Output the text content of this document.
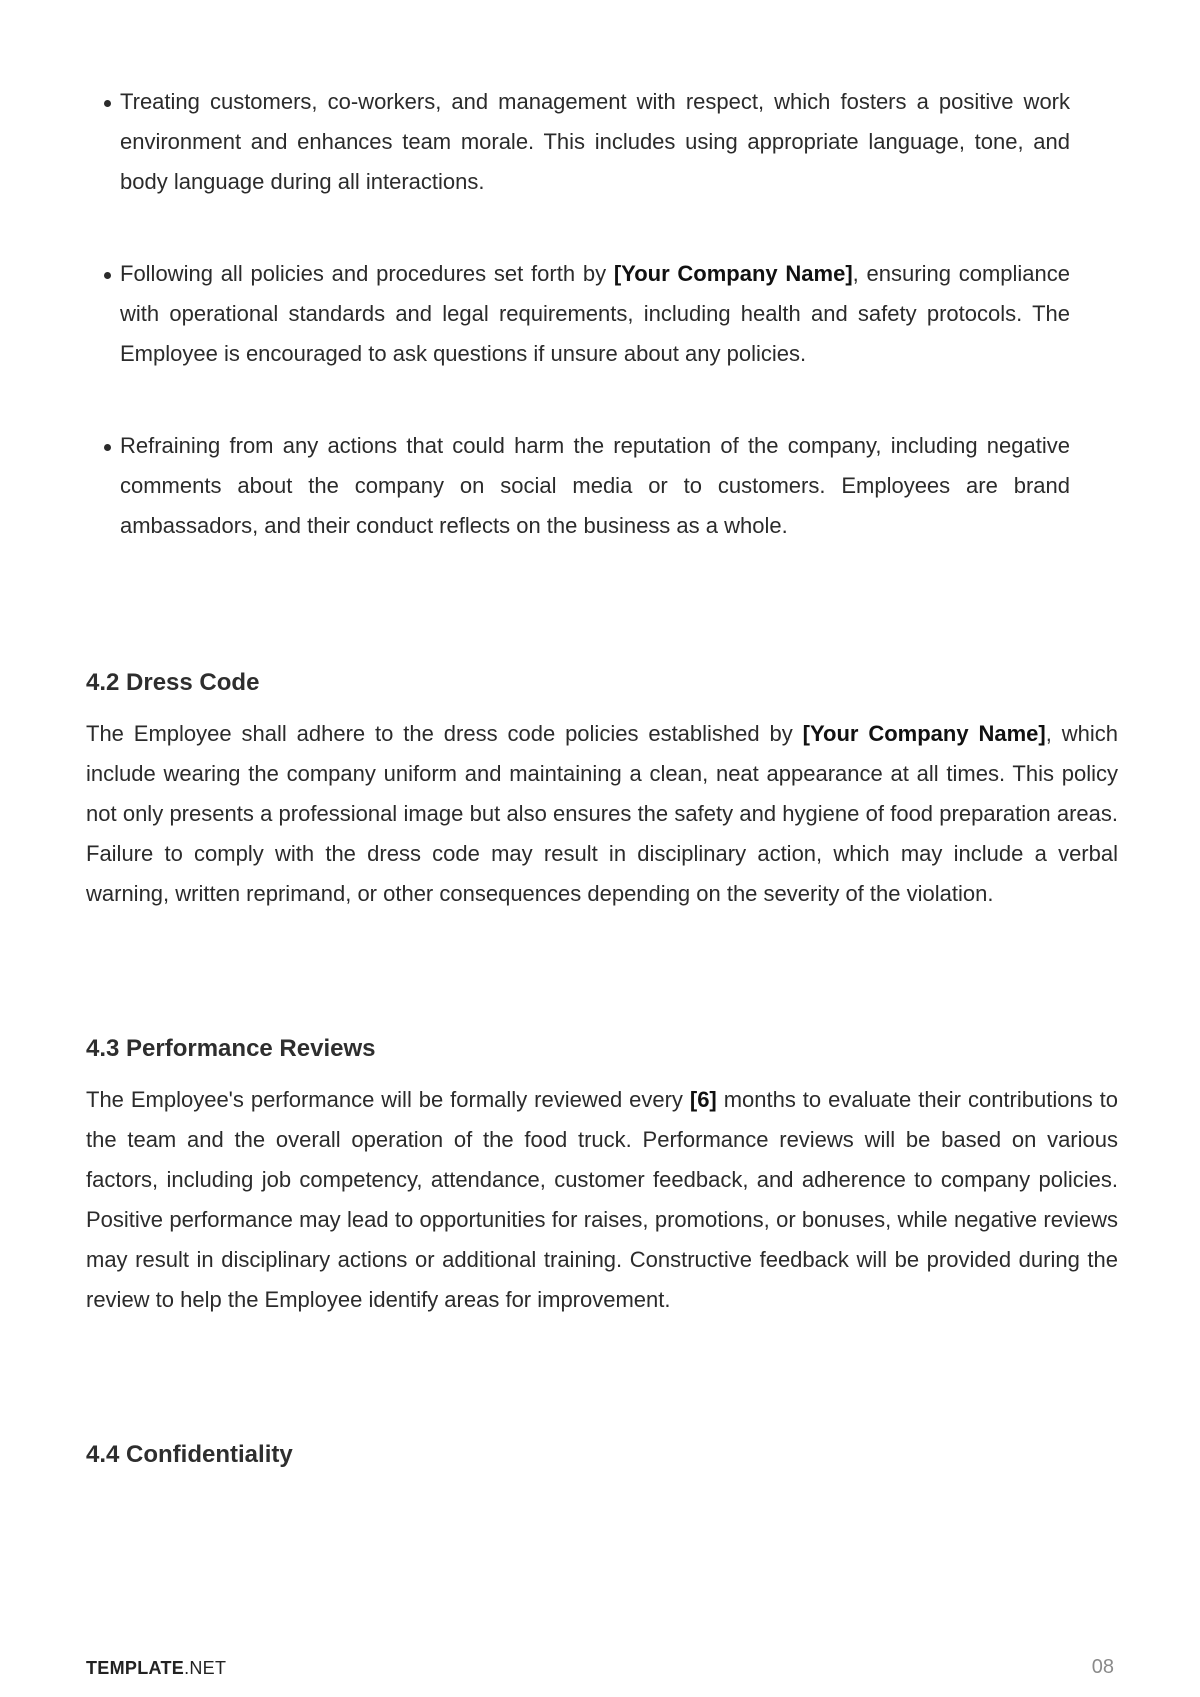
Treating customers, co-workers, and management with respect, which fosters a positive work environment and enhances team morale. This includes using appropriate language, tone, and body language during all interactions.
Following all policies and procedures set forth by [Your Company Name], ensuring compliance with operational standards and legal requirements, including health and safety protocols. The Employee is encouraged to ask questions if unsure about any policies.
Refraining from any actions that could harm the reputation of the company, including negative comments about the company on social media or to customers. Employees are brand ambassadors, and their conduct reflects on the business as a whole.
4.2 Dress Code

The Employee shall adhere to the dress code policies established by [Your Company Name], which include wearing the company uniform and maintaining a clean, neat appearance at all times. This policy not only presents a professional image but also ensures the safety and hygiene of food preparation areas. Failure to comply with the dress code may result in disciplinary action, which may include a verbal warning, written reprimand, or other consequences depending on the severity of the violation.

4.3 Performance Reviews

The Employee's performance will be formally reviewed every [6] months to evaluate their contributions to the team and the overall operation of the food truck. Performance reviews will be based on various factors, including job competency, attendance, customer feedback, and adherence to company policies. Positive performance may lead to opportunities for raises, promotions, or bonuses, while negative reviews may result in disciplinary actions or additional training. Constructive feedback will be provided during the review to help the Employee identify areas for improvement.

4.4 Confidentiality
TEMPLATE.NET	08
